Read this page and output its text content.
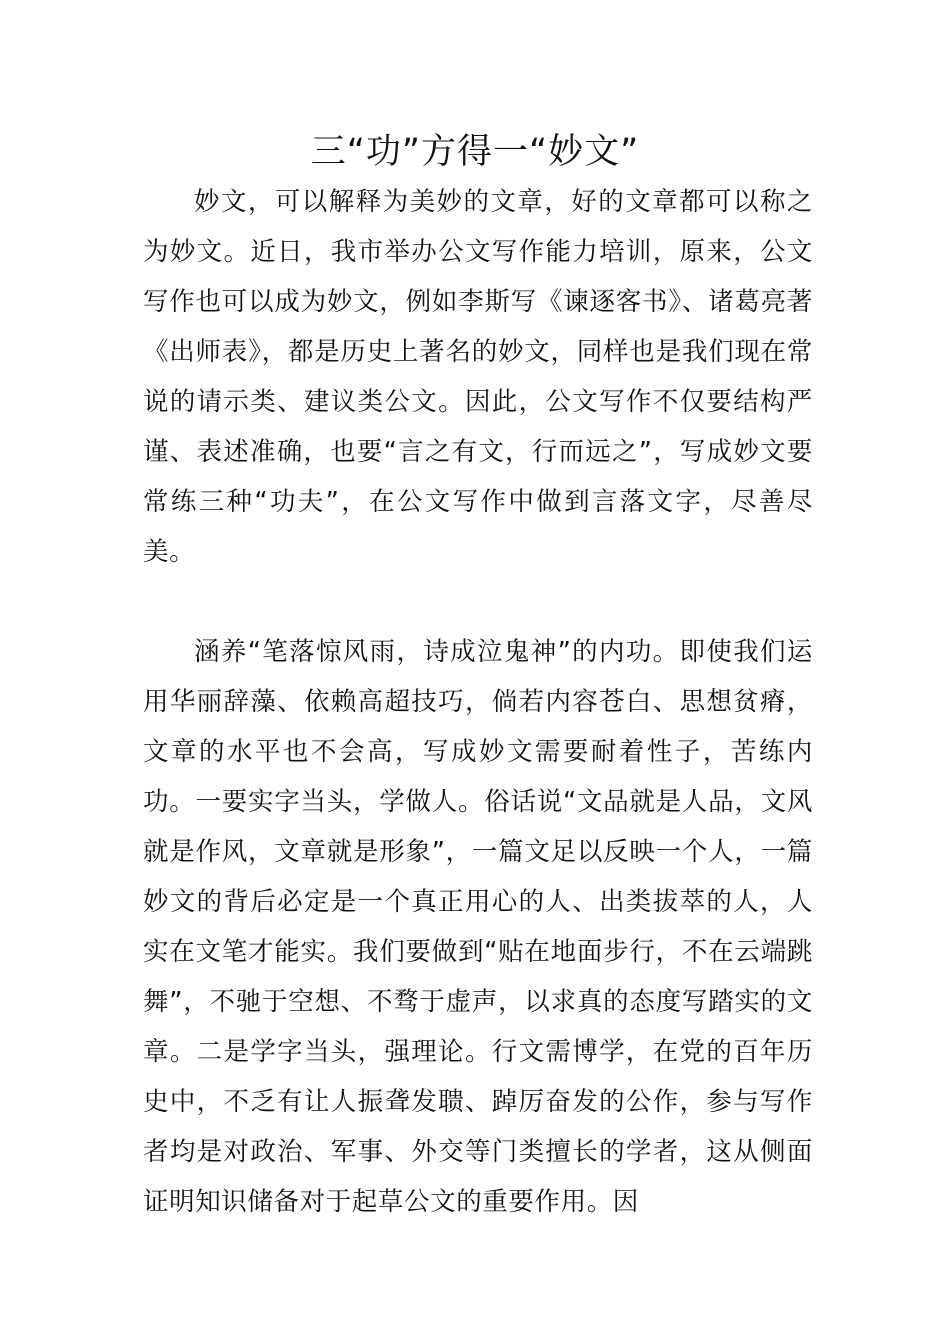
三“功”方得一“妙文”

妙文，可以解释为美妙的文章，好的文章都可以称之为妙文。近日，我市举办公文写作能力培训，原来，公文写作也可以成为妙文，例如李斯写《谏逐客书》、诸葛亮著《出师表》，都是历史上著名的妙文，同样也是我们现在常说的请示类、建议类公文。因此，公文写作不仅要结构严谨、表述准确，也要“言之有文，行而远之”，写成妙文要常练三种“功夫”，在公文写作中做到言落文字，尽善尽美。

涵养“笔落惊风雨，诗成泣鬼神”的内功。即使我们运用华丽辞藻、依赖高超技巧，倘若内容苍白、思想贫瘠，文章的水平也不会高，写成妙文需要耐着性子，苦练内功。一要实字当头，学做人。俗话说“文品就是人品，文风就是作风，文章就是形象”，一篇文足以反映一个人，一篇妙文的背后必定是一个真正用心的人、出类拔萃的人，人实在文笔才能实。我们要做到“贴在地面步行，不在云端跳舞”，不驰于空想、不骛于虚声，以求真的态度写踏实的文章。二是学字当头，强理论。行文需博学，在党的百年历史中，不乏有让人振聋发聩、踔厉奋发的公作，参与写作者均是对政治、军事、外交等门类擅长的学者，这从侧面证明知识储备对于起草公文的重要作用。因
